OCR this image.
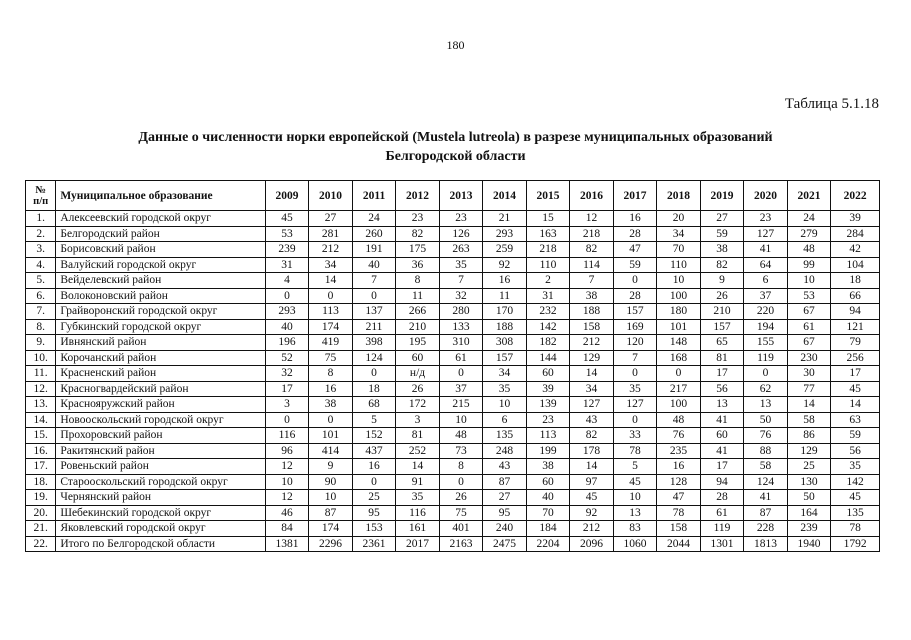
180
Таблица 5.1.18
Данные о численности норки европейской (Mustela lutreola) в разрезе муниципальных образований
Белгородской области
№
п/п	Муниципальное образование	2009	2010	2011	2012	2013	2014	2015	2016	2017	2018	2019	2020	2021	2022
1.	Алексеевский городской округ	45	27	24	23	23	21	15	12	16	20	27	23	24	39
2.	Белгородский район	53	281	260	82	126	293	163	218	28	34	59	127	279	284
3.	Борисовский район	239	212	191	175	263	259	218	82	47	70	38	41	48	42
4.	Валуйский городской округ	31	34	40	36	35	92	110	114	59	110	82	64	99	104
5.	Вейделевский район	4	14	7	8	7	16	2	7	0	10	9	6	10	18
6.	Волоконовский район	0	0	0	11	32	11	31	38	28	100	26	37	53	66
7.	Грайворонский городской округ	293	113	137	266	280	170	232	188	157	180	210	220	67	94
8.	Губкинский городской округ	40	174	211	210	133	188	142	158	169	101	157	194	61	121
9.	Ивнянский район	196	419	398	195	310	308	182	212	120	148	65	155	67	79
10.	Корочанский район	52	75	124	60	61	157	144	129	7	168	81	119	230	256
11.	Красненский район	32	8	0	н/д	0	34	60	14	0	0	17	0	30	17
12.	Красногвардейский район	17	16	18	26	37	35	39	34	35	217	56	62	77	45
13.	Краснояружский район	3	38	68	172	215	10	139	127	127	100	13	13	14	14
14.	Новооскольский городской округ	0	0	5	3	10	6	23	43	0	48	41	50	58	63
15.	Прохоровский район	116	101	152	81	48	135	113	82	33	76	60	76	86	59
16.	Ракитянский район	96	414	437	252	73	248	199	178	78	235	41	88	129	56
17.	Ровеньский район	12	9	16	14	8	43	38	14	5	16	17	58	25	35
18.	Старооскольский городской округ	10	90	0	91	0	87	60	97	45	128	94	124	130	142
19.	Чернянский район	12	10	25	35	26	27	40	45	10	47	28	41	50	45
20.	Шебекинский городской округ	46	87	95	116	75	95	70	92	13	78	61	87	164	135
21.	Яковлевский городской округ	84	174	153	161	401	240	184	212	83	158	119	228	239	78
22.	Итого по Белгородской области	1381	2296	2361	2017	2163	2475	2204	2096	1060	2044	1301	1813	1940	1792
